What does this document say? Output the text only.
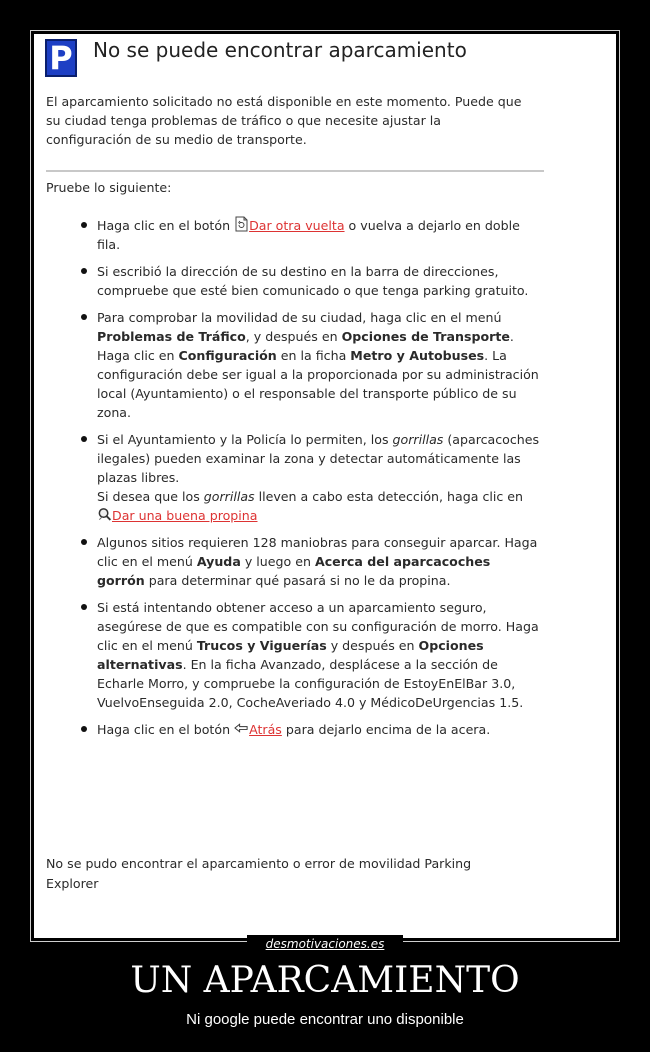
P No se puede encontrar aparcamiento
El aparcamiento solicitado no está disponible en este momento. Puede que su ciudad tenga problemas de tráfico o que necesite ajustar la configuración de su medio de transporte.
Pruebe lo siguiente:
Haga clic en el botón Dar otra vuelta o vuelva a dejarlo en doble fila.
Si escribió la dirección de su destino en la barra de direcciones, compruebe que esté bien comunicado o que tenga parking gratuito.
Para comprobar la movilidad de su ciudad, haga clic en el menú Problemas de Tráfico, y después en Opciones de Transporte. Haga clic en Configuración en la ficha Metro y Autobuses. La configuración debe ser igual a la proporcionada por su administración local (Ayuntamiento) o el responsable del transporte público de su zona.
Si el Ayuntamiento y la Policía lo permiten, los gorrillas (aparcacoches ilegales) pueden examinar la zona y detectar automáticamente las plazas libres.
Si desea que los gorrillas lleven a cabo esta detección, haga clic en Dar una buena propina
Algunos sitios requieren 128 maniobras para conseguir aparcar. Haga clic en el menú Ayuda y luego en Acerca del aparcacoches gorrón para determinar qué pasará si no le da propina.
Si está intentando obtener acceso a un aparcamiento seguro, asegúrese de que es compatible con su configuración de morro. Haga clic en el menú Trucos y Viguerías y después en Opciones alternativas. En la ficha Avanzado, desplácese a la sección de Echarle Morro, y compruebe la configuración de EstoyEnElBar 3.0, VuelvoEnseguida 2.0, CocheAveriado 4.0 y MédicoDeUrgencias 1.5.
Haga clic en el botón Atrás para dejarlo encima de la acera.
No se pudo encontrar el aparcamiento o error de movilidad Parking Explorer
desmotivaciones.es
UN APARCAMIENTO
Ni google puede encontrar uno disponible
